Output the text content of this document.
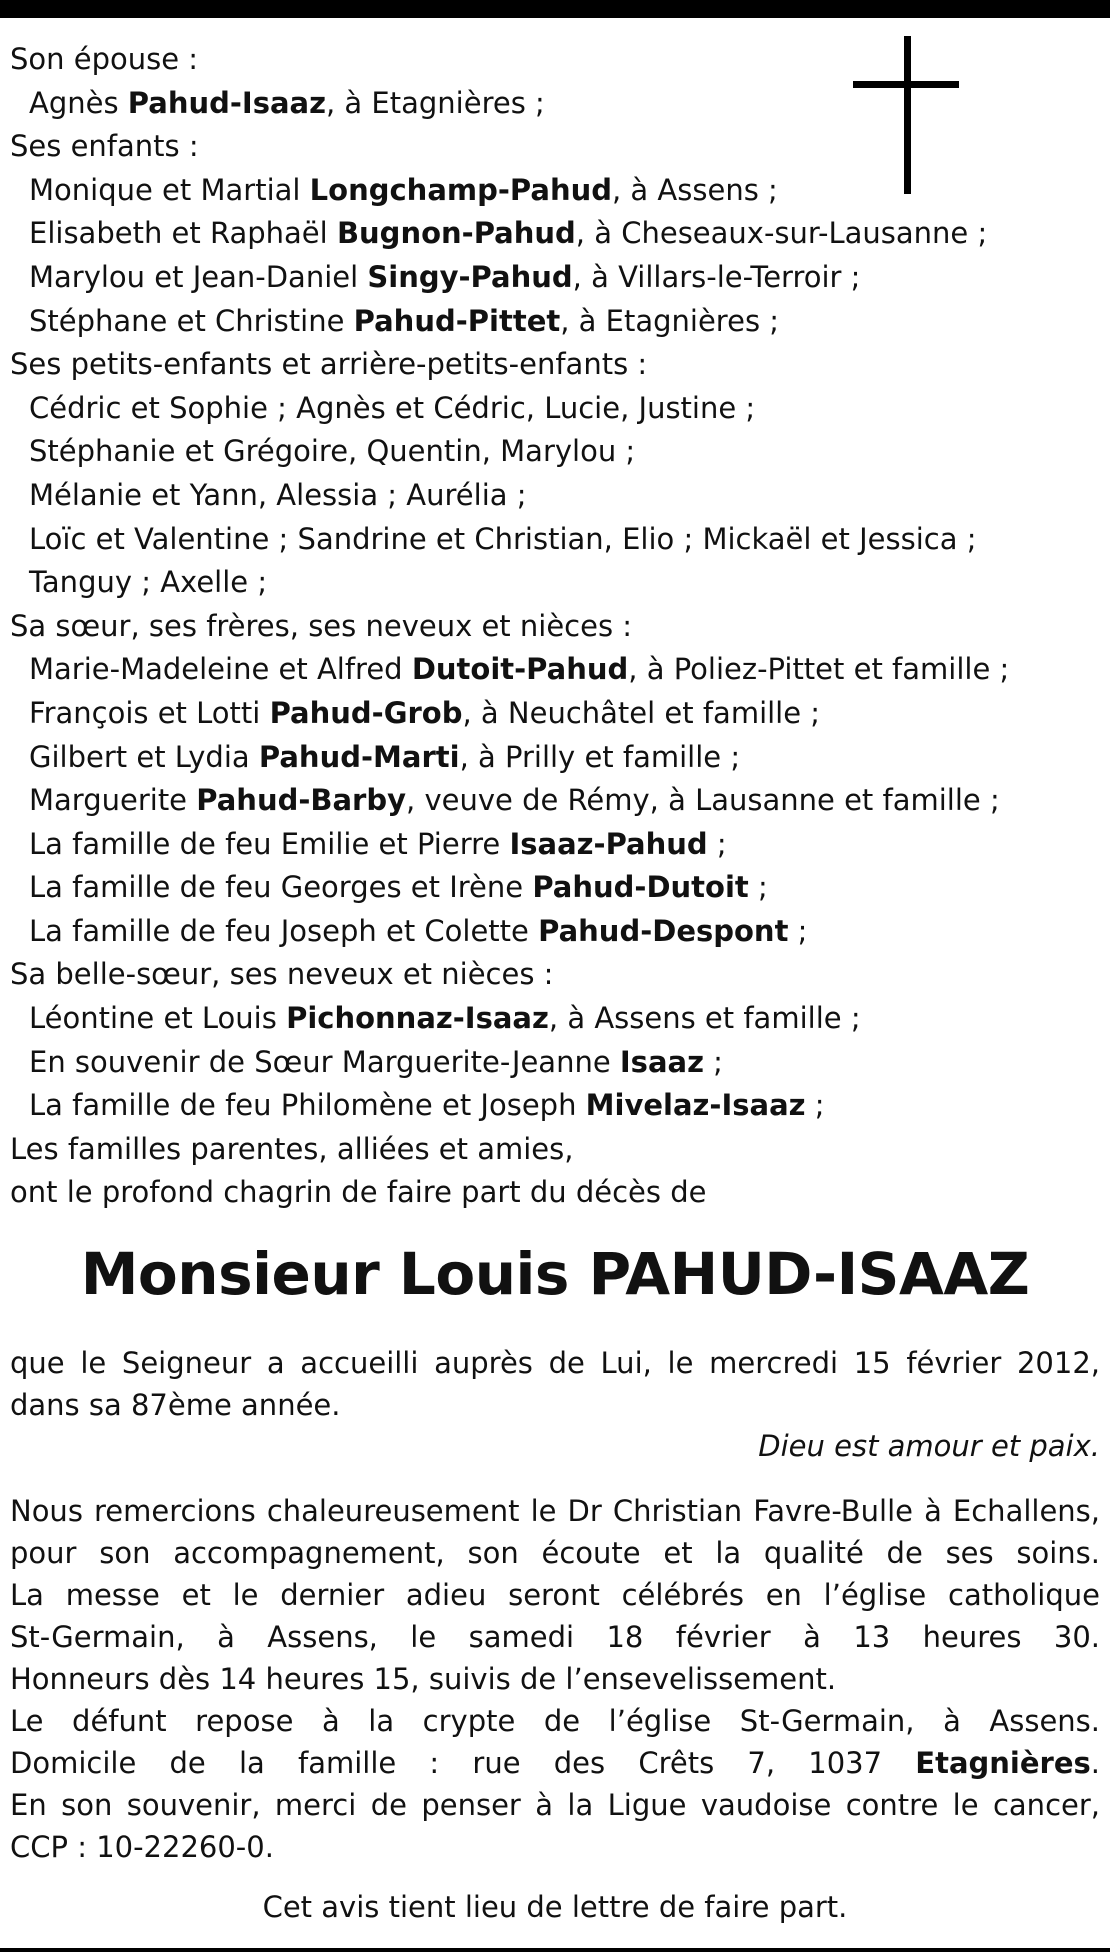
Son épouse :
Agnès Pahud-Isaaz, à Etagnières ;
Ses enfants :
Monique et Martial Longchamp-Pahud, à Assens ;
Elisabeth et Raphaël Bugnon-Pahud, à Cheseaux-sur-Lausanne ;
Marylou et Jean-Daniel Singy-Pahud, à Villars-le-Terroir ;
Stéphane et Christine Pahud-Pittet, à Etagnières ;
Ses petits-enfants et arrière-petits-enfants :
Cédric et Sophie ; Agnès et Cédric, Lucie, Justine ;
Stéphanie et Grégoire, Quentin, Marylou ;
Mélanie et Yann, Alessia ; Aurélia ;
Loïc et Valentine ; Sandrine et Christian, Elio ; Mickaël et Jessica ;
Tanguy ; Axelle ;
Sa sœur, ses frères, ses neveux et nièces :
Marie-Madeleine et Alfred Dutoit-Pahud, à Poliez-Pittet et famille ;
François et Lotti Pahud-Grob, à Neuchâtel et famille ;
Gilbert et Lydia Pahud-Marti, à Prilly et famille ;
Marguerite Pahud-Barby, veuve de Rémy, à Lausanne et famille ;
La famille de feu Emilie et Pierre Isaaz-Pahud ;
La famille de feu Georges et Irène Pahud-Dutoit ;
La famille de feu Joseph et Colette Pahud-Despont ;
Sa belle-sœur, ses neveux et nièces :
Léontine et Louis Pichonnaz-Isaaz, à Assens et famille ;
En souvenir de Sœur Marguerite-Jeanne Isaaz ;
La famille de feu Philomène et Joseph Mivelaz-Isaaz ;
Les familles parentes, alliées et amies,
ont le profond chagrin de faire part du décès de
Monsieur Louis PAHUD-ISAAZ
que le Seigneur a accueilli auprès de Lui, le mercredi 15 février 2012,
dans sa 87ème année.
Dieu est amour et paix.
Nous remercions chaleureusement le Dr Christian Favre-Bulle à Echallens,
pour son accompagnement, son écoute et la qualité de ses soins.
La messe et le dernier adieu seront célébrés en l’église catholique
St-Germain, à Assens, le samedi 18 février à 13 heures 30.
Honneurs dès 14 heures 15, suivis de l’ensevelissement.
Le défunt repose à la crypte de l’église St-Germain, à Assens.
Domicile de la famille : rue des Crêts 7, 1037 Etagnières.
En son souvenir, merci de penser à la Ligue vaudoise contre le cancer,
CCP : 10-22260-0.
Cet avis tient lieu de lettre de faire part.
